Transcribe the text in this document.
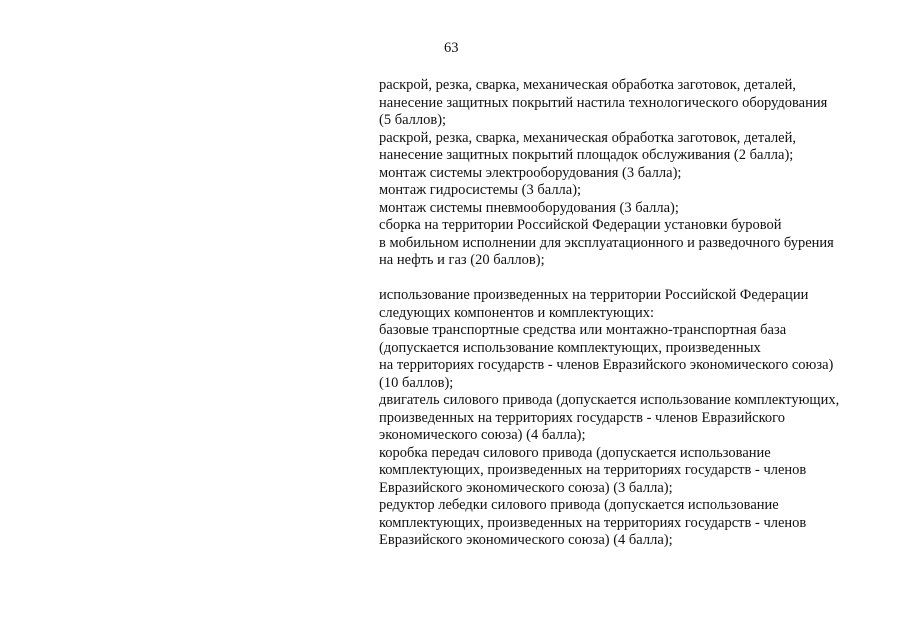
63

раскрой, резка, сварка, механическая обработка заготовок, деталей,
нанесение защитных покрытий настила технологического оборудования
(5 баллов);
раскрой, резка, сварка, механическая обработка заготовок, деталей,
нанесение защитных покрытий площадок обслуживания (2 балла);
монтаж системы электрооборудования (3 балла);
монтаж гидросистемы (3 балла);
монтаж системы пневмооборудования (3 балла);
сборка на территории Российской Федерации установки буровой
в мобильном исполнении для эксплуатационного и разведочного бурения
на нефть и газ (20 баллов);
использование произведенных на территории Российской Федерации
следующих компонентов и комплектующих:
базовые транспортные средства или монтажно-транспортная база
(допускается использование комплектующих, произведенных
на территориях государств - членов Евразийского экономического союза)
(10 баллов);
двигатель силового привода (допускается использование комплектующих,
произведенных на территориях государств - членов Евразийского
экономического союза) (4 балла);
коробка передач силового привода (допускается использование
комплектующих, произведенных на территориях государств - членов
Евразийского экономического союза) (3 балла);
редуктор лебедки силового привода (допускается использование
комплектующих, произведенных на территориях государств - членов
Евразийского экономического союза) (4 балла);
